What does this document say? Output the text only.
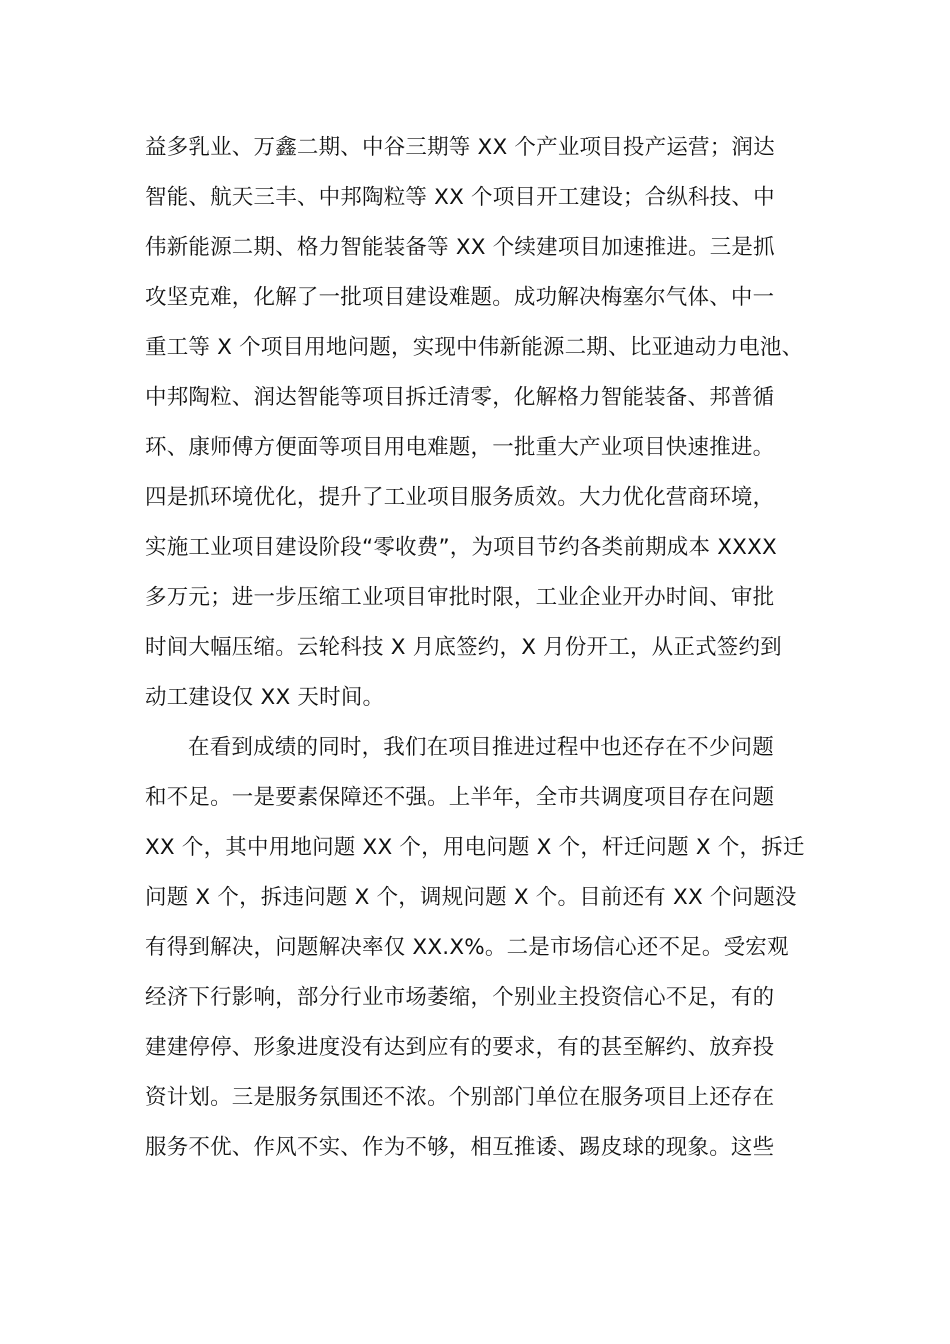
益多乳业、万鑫二期、中谷三期等 XX 个产业项目投产运营；润达
智能、航天三丰、中邦陶粒等 XX 个项目开工建设；合纵科技、中
伟新能源二期、格力智能装备等 XX 个续建项目加速推进。三是抓
攻坚克难，化解了一批项目建设难题。成功解决梅塞尔气体、中一
重工等 X 个项目用地问题，实现中伟新能源二期、比亚迪动力电池、
中邦陶粒、润达智能等项目拆迁清零，化解格力智能装备、邦普循
环、康师傅方便面等项目用电难题，一批重大产业项目快速推进。
四是抓环境优化，提升了工业项目服务质效。大力优化营商环境，
实施工业项目建设阶段“零收费”，为项目节约各类前期成本 XXXX
多万元；进一步压缩工业项目审批时限，工业企业开办时间、审批
时间大幅压缩。云轮科技 X 月底签约，X 月份开工，从正式签约到
动工建设仅 XX 天时间。
在看到成绩的同时，我们在项目推进过程中也还存在不少问题
和不足。一是要素保障还不强。上半年，全市共调度项目存在问题
XX 个，其中用地问题 XX 个，用电问题 X 个，杆迁问题 X 个，拆迁
问题 X 个，拆违问题 X 个，调规问题 X 个。目前还有 XX 个问题没
有得到解决，问题解决率仅 XX.X%。二是市场信心还不足。受宏观
经济下行影响，部分行业市场萎缩，个别业主投资信心不足，有的
建建停停、形象进度没有达到应有的要求，有的甚至解约、放弃投
资计划。三是服务氛围还不浓。个别部门单位在服务项目上还存在
服务不优、作风不实、作为不够，相互推诿、踢皮球的现象。这些
